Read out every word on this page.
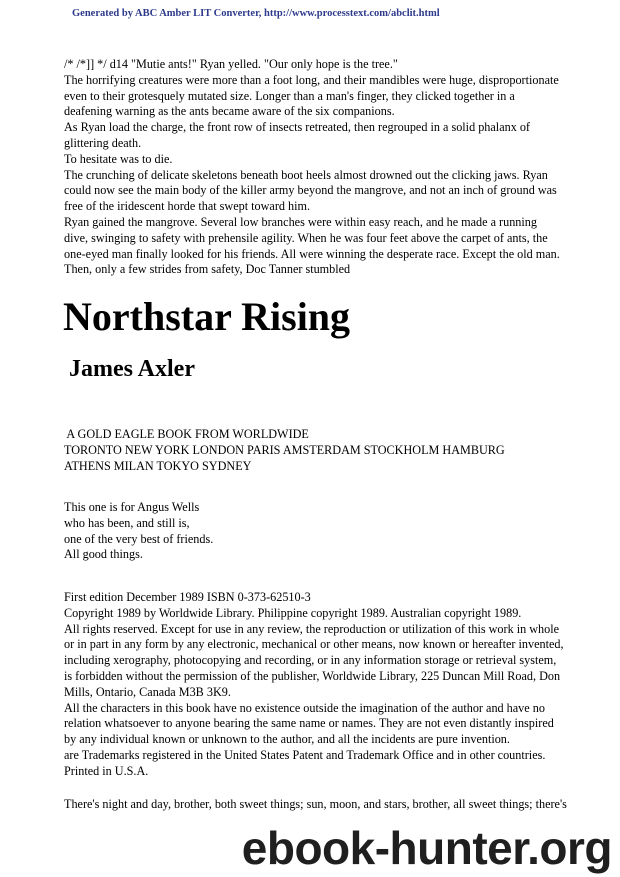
Generated by ABC Amber LIT Converter, http://www.processtext.com/abclit.html

/* /*]] */ d14 "Mutie ants!" Ryan yelled. "Our only hope is the tree."

The horrifying creatures were more than a foot long, and their mandibles were huge, disproportionate even to their grotesquely mutated size. Longer than a man's finger, they clicked together in a deafening warning as the ants became aware of the six companions.

As Ryan load the charge, the front row of insects retreated, then regrouped in a solid phalanx of glittering death.

To hesitate was to die.

The crunching of delicate skeletons beneath boot heels almost drowned out the clicking jaws. Ryan could now see the main body of the killer army beyond the mangrove, and not an inch of ground was free of the iridescent horde that swept toward him.

Ryan gained the mangrove. Several low branches were within easy reach, and he made a running dive, swinging to safety with prehensile agility. When he was four feet above the carpet of ants, the one-eyed man finally looked for his friends. All were winning the desperate race. Except the old man.

Then, only a few strides from safety, Doc Tanner stumbled

Northstar Rising
James Axler

A GOLD EAGLE BOOK FROM WORLDWIDE

TORONTO NEW YORK LONDON PARIS AMSTERDAM STOCKHOLM HAMBURG

ATHENS MILAN TOKYO SYDNEY

This one is for Angus Wells

who has been, and still is,

one of the very best of friends.

All good things.

First edition December 1989 ISBN 0-373-62510-3

Copyright 1989 by Worldwide Library. Philippine copyright 1989. Australian copyright 1989.

All rights reserved. Except for use in any review, the reproduction or utilization of this work in whole or in part in any form by any electronic, mechanical or other means, now known or hereafter invented, including xerography, photocopying and recording, or in any information storage or retrieval system, is forbidden without the permission of the publisher, Worldwide Library, 225 Duncan Mill Road, Don Mills, Ontario, Canada M3B 3K9.

All the characters in this book have no existence outside the imagination of the author and have no relation whatsoever to anyone bearing the same name or names. They are not even distantly inspired by any individual known or unknown to the author, and all the incidents are pure invention.

are Trademarks registered in the United States Patent and Trademark Office and in other countries.

Printed in U.S.A.

There's night and day, brother, both sweet things; sun, moon, and stars, brother, all sweet things; there's
ebook-hunter.org
